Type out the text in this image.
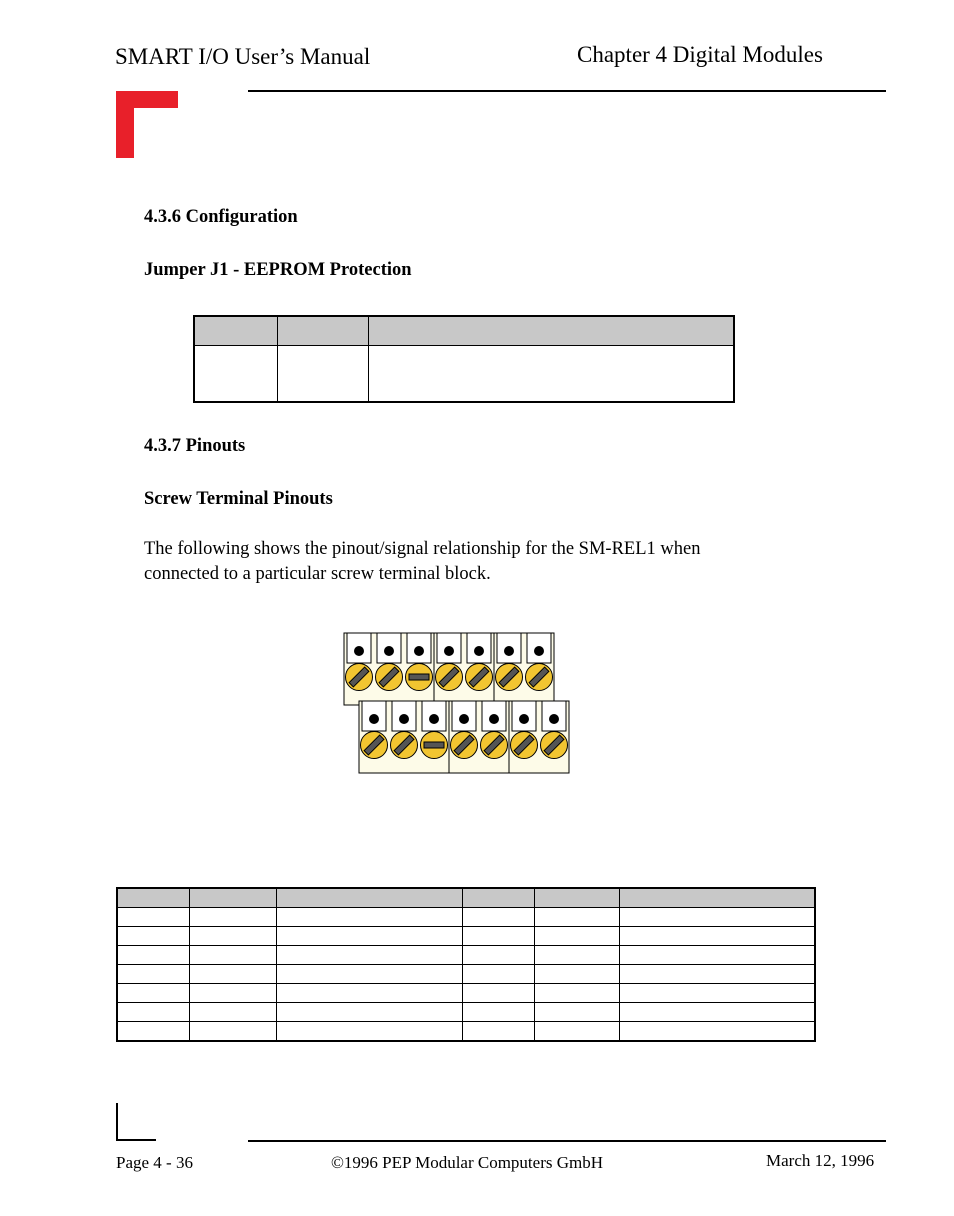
SMART I/O User’s Manual	Chapter 4 Digital Modules
4.3.6 Configuration
Jumper J1 - EEPROM Protection

4.3.7 Pinouts
Screw Terminal Pinouts
The following shows the pinout/signal relationship for the SM-REL1 when
connected to a particular screw terminal block.

Page 4 - 36	©1996 PEP Modular Computers GmbH	March 12, 1996
